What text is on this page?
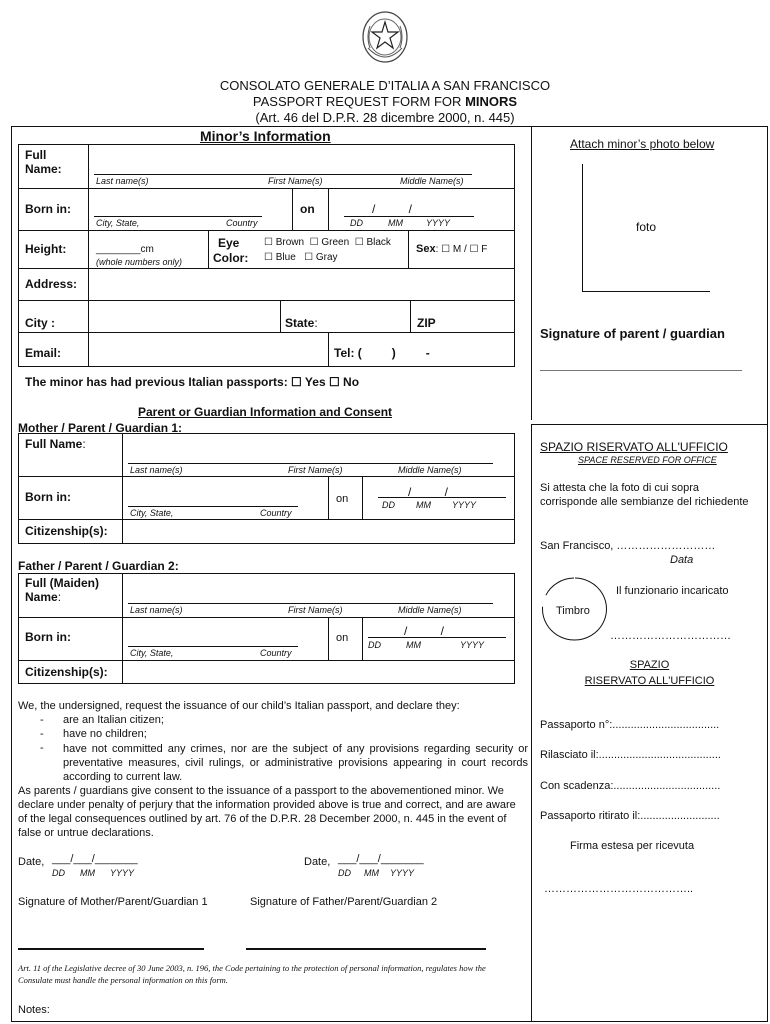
CONSOLATO GENERALE D’ITALIA A SAN FRANCISCO
PASSPORT REQUEST FORM FOR MINORS
(Art. 46 del D.P.R. 28 dicembre 2000, n. 445)
Minor’s Information
Full
Name:
Last name(s)	First Name(s)	Middle Name(s)
Born in:
City, State,	Country
on	/          /
DD	MM	YYYY
Height:	________cm
(whole numbers only)
Eye
Color:
☐ Brown  ☐ Green  ☐ Black
☐ Blue   ☐ Gray
Sex: ☐ M / ☐ F
Address:
City :	State:	ZIP
Email:	Tel: (         )         -
The minor has had previous Italian passports: ☐ Yes ☐ No
Attach minor’s photo below
foto
Signature of parent / guardian
Parent or Guardian Information and Consent
Mother / Parent / Guardian 1:
Full Name:
Last name(s)	First Name(s)	Middle Name(s)
Born in:
City, State,	Country
on	/          /
DD MM YYYY
Citizenship(s):
Father / Parent / Guardian 2:
Full (Maiden)
Name:
Last name(s)	First Name(s)	Middle Name(s)
Born in:
City, State,	Country
on	/          /
DD	MM	YYYY
Citizenship(s):
We, the undersigned, request the issuance of our child’s Italian passport, and declare they:
- are an Italian citizen;
- have no children;
- have not committed any crimes, nor are the subject of any provisions regarding security or preventative measures, civil rulings, or administrative provisions appearing in court records according to current law.
As parents / guardians give consent to the issuance of a passport to the abovementioned minor. We declare under penalty of perjury that the information provided above is true and correct, and are aware of the legal consequences outlined by art. 76 of the D.P.R. 28 December 2000, n. 445 in the event of false or untrue declarations.
Date, ___/___/_______
DD MM YYYY
Date, ___/___/_______
DD MM YYYY
Signature of Mother/Parent/Guardian 1	Signature of Father/Parent/Guardian 2
Art. 11 of the Legislative decree of 30 June 2003, n. 196, the Code pertaining to the protection of personal information, regulates how the Consulate must handle the personal information on this form.
Notes:
SPAZIO RISERVATO ALL'UFFICIO
SPACE RESERVED FOR OFFICE
Si attesta che la foto di cui sopra corrisponde alle sembianze del richiedente
San Francisco, ………………………
Data
Timbro
Il funzionario incaricato
……………………………
SPAZIO
RISERVATO ALL'UFFICIO
Passaporto n°:...................................
Rilasciato il:........................................
Con scadenza:...................................
Passaporto ritirato il:..........................
Firma estesa per ricevuta
…………………………………..
